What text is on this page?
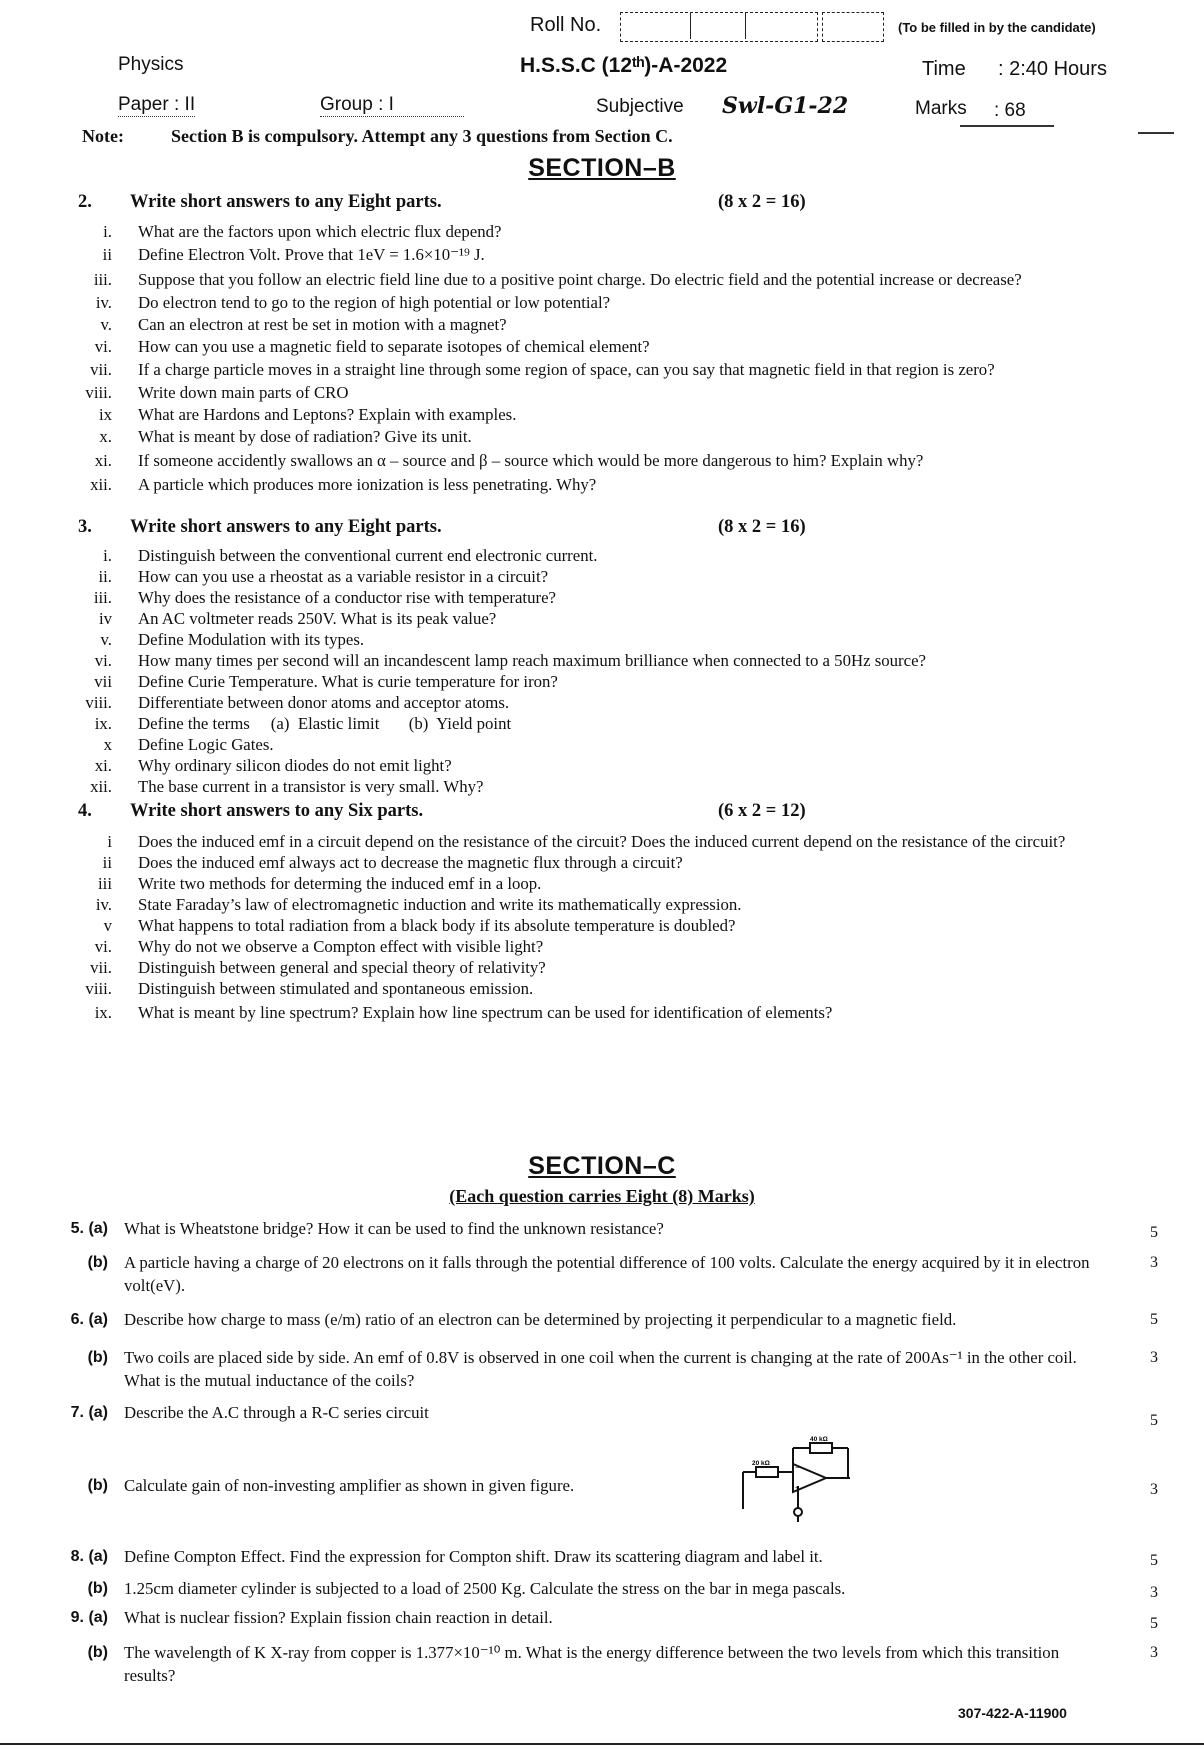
Roll No.	(To be filled in by the candidate)
Physics	H.S.S.C (12ᵗʰ)-A-2022	Time : 2:40 Hours
Paper : II	Group : I	Subjective Swl-G1-22	Marks : 68
Note:	Section B is compulsory. Attempt any 3 questions from Section C.
SECTION–B
2. Write short answers to any Eight parts.	(8 x 2 = 16)
i. What are the factors upon which electric flux depend?
ii Define Electron Volt. Prove that 1eV = 1.6×10⁻¹⁹ J.
iii. Suppose that you follow an electric field line due to a positive point charge. Do electric field and the potential increase or decrease?
iv. Do electron tend to go to the region of high potential or low potential?
v. Can an electron at rest be set in motion with a magnet?
vi. How can you use a magnetic field to separate isotopes of chemical element?
vii. If a charge particle moves in a straight line through some region of space, can you say that magnetic field in that region is zero?
viii. Write down main parts of CRO
ix What are Hardons and Leptons? Explain with examples.
x. What is meant by dose of radiation? Give its unit.
xi. If someone accidently swallows an α – source and β – source which would be more dangerous to him? Explain why?
xii. A particle which produces more ionization is less penetrating. Why?
3. Write short answers to any Eight parts.	(8 x 2 = 16)
i. Distinguish between the conventional current end electronic current.
ii. How can you use a rheostat as a variable resistor in a circuit?
iii. Why does the resistance of a conductor rise with temperature?
iv An AC voltmeter reads 250V. What is its peak value?
v. Define Modulation with its types.
vi. How many times per second will an incandescent lamp reach maximum brilliance when connected to a 50Hz source?
vii Define Curie Temperature. What is curie temperature for iron?
viii. Differentiate between donor atoms and acceptor atoms.
ix. Define the terms     (a)  Elastic limit       (b)  Yield point
x Define Logic Gates.
xi. Why ordinary silicon diodes do not emit light?
xii. The base current in a transistor is very small. Why?
4. Write short answers to any Six parts.	(6 x 2 = 12)
i Does the induced emf in a circuit depend on the resistance of the circuit? Does the induced current depend on the resistance of the circuit?
ii Does the induced emf always act to decrease the magnetic flux through a circuit?
iii Write two methods for determing the induced emf in a loop.
iv. State Faraday’s law of electromagnetic induction and write its mathematically expression.
v What happens to total radiation from a black body if its absolute temperature is doubled?
vi. Why do not we observe a Compton effect with visible light?
vii. Distinguish between general and special theory of relativity?
viii. Distinguish between stimulated and spontaneous emission.
ix. What is meant by line spectrum? Explain how line spectrum can be used for identification of elements?
SECTION–C
(Each question carries Eight (8) Marks)
5. (a) What is Wheatstone bridge? How it can be used to find the unknown resistance?	5
(b) A particle having a charge of 20 electrons on it falls through the potential difference of 100 volts. Calculate the energy acquired by it in electron volt(eV).
3
6. (a) Describe how charge to mass (e/m) ratio of an electron can be determined by projecting it perpendicular to a magnetic field.	5
(b) Two coils are placed side by side. An emf of 0.8V is observed in one coil when the current is changing at the rate of 200As⁻¹ in the other coil. What is the mutual inductance of the coils?
3
7. (a) Describe the A.C through a R-C series circuit	5
(b) Calculate gain of non-investing amplifier as shown in given figure.	3
−
+
20 kΩ
40 kΩ
8. (a) Define Compton Effect. Find the expression for Compton shift. Draw its scattering diagram and label it.	5
(b) 1.25cm diameter cylinder is subjected to a load of 2500 Kg. Calculate the stress on the bar in mega pascals.	3
9. (a) What is nuclear fission? Explain fission chain reaction in detail.	5
(b) The wavelength of K X-ray from copper is 1.377×10⁻¹⁰ m. What is the energy difference between the two levels from which this transition results?
3
307-422-A-11900
